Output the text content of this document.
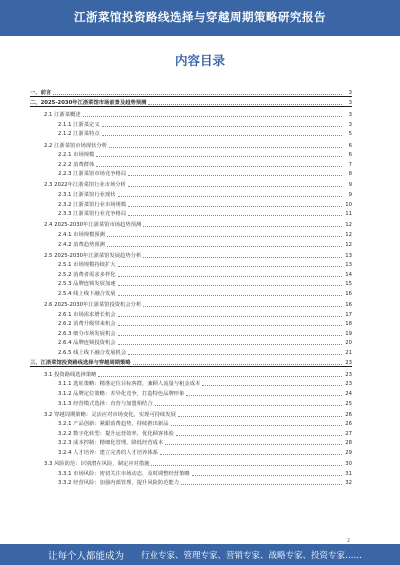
江浙菜馆投资路线选择与穿越周期策略研究报告
内容目录
一、前言	3
二、2025-2030年江浙菜馆市场前景及趋势预测	3
2.1 江浙菜概述	3
2.1.1 江浙菜定义	3
2.1.2 江浙菜特点	5
2.2 江浙菜馆市场现状分析	6
2.2.1 市场规模	6
2.2.2 消费群体	7
2.2.3 江浙菜馆市场竞争格局	8
2.3 2022年江浙菜馆行业市场分析	9
2.3.1 江浙菜馆行业现状	9
2.3.2 江浙菜馆行业市场规模	10
2.3.3 江浙菜馆行业竞争格局	11
2.4 2025-2030年江浙菜馆市场趋势预测	12
2.4.1 市场规模预测	12
2.4.2 消费趋势预测	12
2.5 2025-2030年江浙菜馆发展趋势分析	13
2.5.1 市场规模持续扩大	13
2.5.2 消费者需求多样化	14
2.5.3 品牌连锁发展加速	15
2.5.4 线上线下融合发展	16
2.6 2025-2030年江浙菜馆投资机会分析	16
2.6.1 市场需求增长机会	17
2.6.2 消费升级带来机会	18
2.6.3 细分市场发展机会	19
2.6.4 品牌连锁投资机会	20
2.6.5 线上线下融合发展机会	21
三、江浙菜馆投资路线选择与穿越周期策略	23
3.1 投资路线选择策略	23
3.1.1 选址策略：精准定位目标客群，兼顾人流量与租金成本	23
3.1.2 品牌定位策略：差异化竞争，打造特色品牌形象	24
3.1.3 经营模式选择：直营与加盟相结合	25
3.2 穿越周期策略：灵活应对市场变化，实现可持续发展	26
3.2.1 产品创新：紧跟消费趋势，持续推出新品	26
3.2.2 数字化转型：提升运营效率，优化顾客体验	27
3.2.3 成本控制：精细化管理，降低经营成本	28
3.2.4 人才培养：建立完善的人才培养体系	29
3.3 风险防范：识别潜在风险，制定应对措施	30
3.3.1 市场风险：密切关注市场动态，及时调整经营策略	31
3.3.2 经营风险：加强内部管理，提升风险防范能力	32
2
让每个人都能成为 行业专家、管理专家、营销专家、战略专家、投资专家……
